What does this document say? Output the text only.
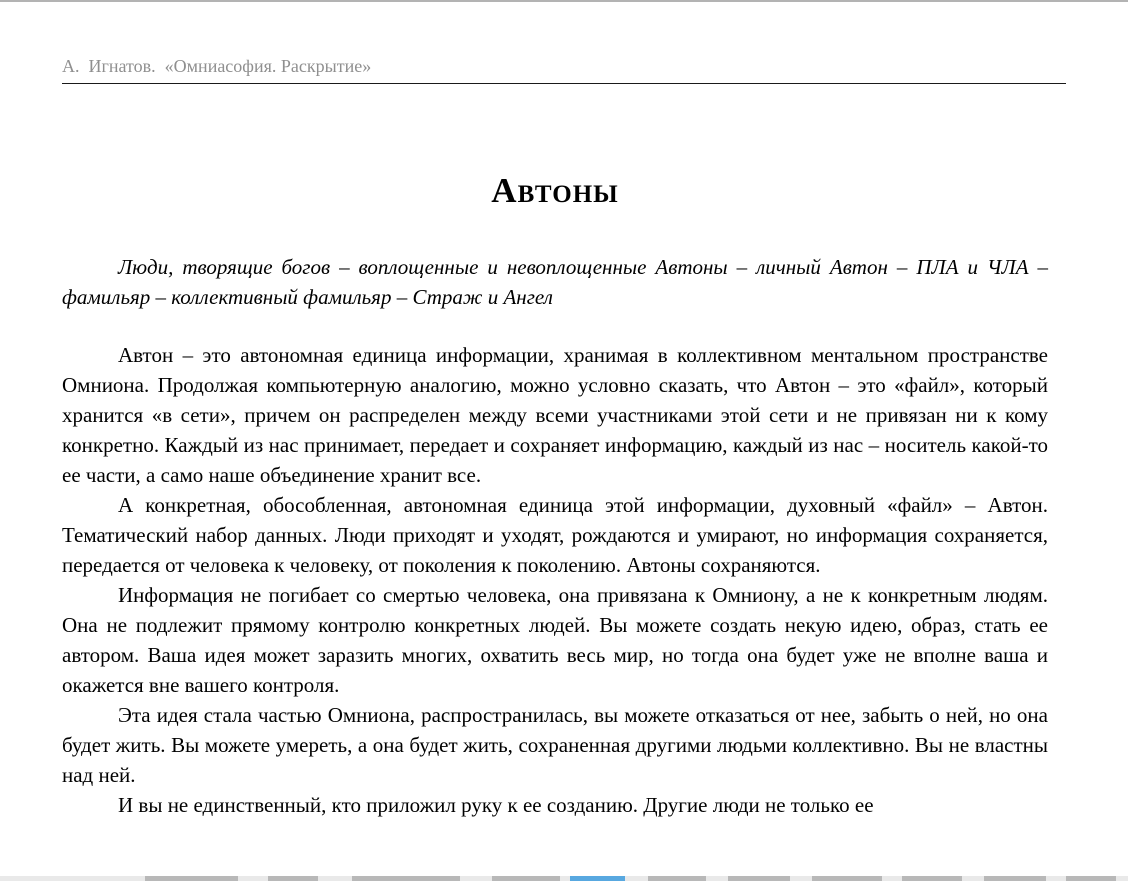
А.  Игнатов.  «Омниасофия. Раскрытие»
Автоны
Люди, творящие богов – воплощенные и невоплощенные Автоны – личный Автон – ПЛА и ЧЛА – фамильяр – коллективный фамильяр – Страж и Ангел

Автон – это автономная единица информации, хранимая в коллективном ментальном пространстве Омниона. Продолжая компьютерную аналогию, можно условно сказать, что Автон – это «файл», который хранится «в сети», причем он распределен между всеми участниками этой сети и не привязан ни к кому конкретно. Каждый из нас принимает, передает и сохраняет информацию, каждый из нас – носитель какой-то ее части, а само наше объединение хранит все.

А конкретная, обособленная, автономная единица этой информации, духовный «файл» – Автон. Тематический набор данных. Люди приходят и уходят, рождаются и умирают, но информация сохраняется, передается от человека к человеку, от поколения к поколению. Автоны сохраняются.

Информация не погибает со смертью человека, она привязана к Омниону, а не к конкретным людям. Она не подлежит прямому контролю конкретных людей. Вы можете создать некую идею, образ, стать ее автором. Ваша идея может заразить многих, охватить весь мир, но тогда она будет уже не вполне ваша и окажется вне вашего контроля.

Эта идея стала частью Омниона, распространилась, вы можете отказаться от нее, забыть о ней, но она будет жить. Вы можете умереть, а она будет жить, сохраненная другими людьми коллективно. Вы не властны над ней.

И вы не единственный, кто приложил руку к ее созданию. Другие люди не только ее
